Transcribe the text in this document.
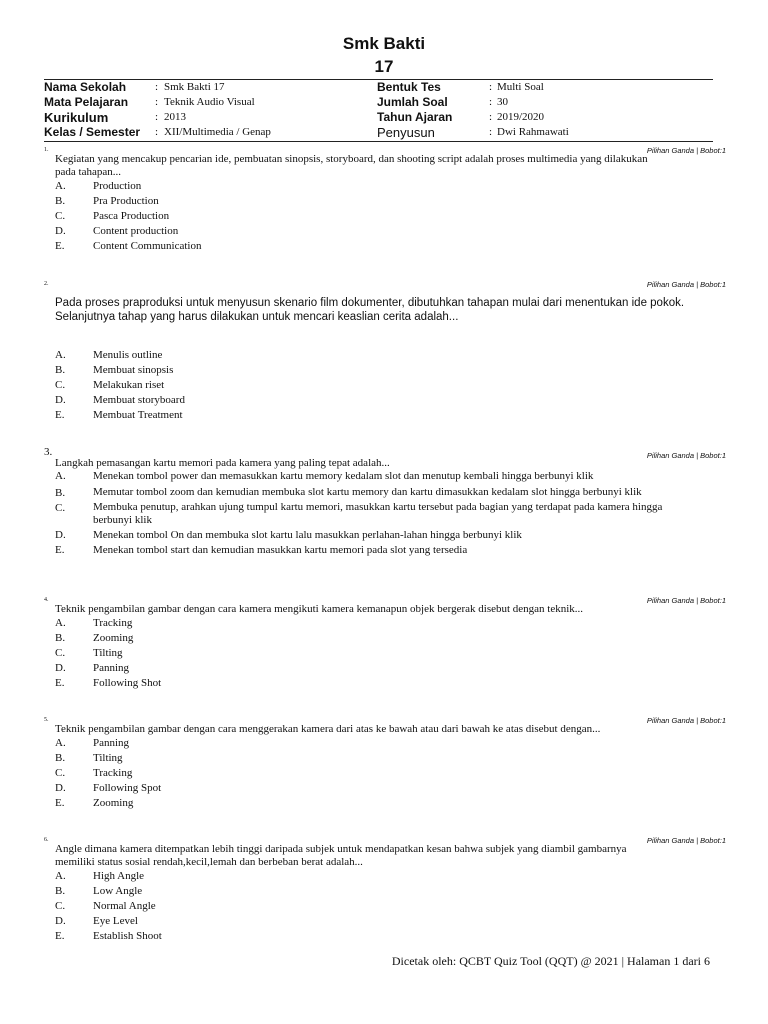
Smk Bakti
17
Nama Sekolah	: Smk Bakti 17	Bentuk Tes	: Multi Soal
Mata Pelajaran : Teknik Audio Visual	Jumlah Soal	: 30
Kurikulum	: 2013	Tahun Ajaran	: 2019/2020
Kelas / Semester : XII/Multimedia / Genap	Penyusun	: Dwi Rahmawati
1.	Pilihan Ganda | Bobot:1
Kegiatan yang mencakup pencarian ide, pembuatan sinopsis, storyboard, dan shooting script adalah proses multimedia yang dilakukan pada tahapan...
A.	Production
B.	Pra Production
C.	Pasca Production
D.	Content production
E.	Content Communication
2.	Pilihan Ganda | Bobot:1
Pada proses praproduksi untuk menyusun skenario film dokumenter, dibutuhkan tahapan mulai dari menentukan ide pokok. Selanjutnya tahap yang harus dilakukan untuk mencari keaslian cerita adalah...
A.	Menulis outline
B.	Membuat sinopsis
C.	Melakukan riset
D.	Membuat storyboard
E.	Membuat Treatment
3.	Pilihan Ganda | Bobot:1
Langkah pemasangan kartu memori pada kamera yang paling tepat adalah...
A.	Menekan tombol power dan memasukkan kartu memory kedalam slot dan menutup kembali hingga berbunyi klik
B.	Memutar tombol zoom dan kemudian membuka slot kartu memory dan kartu dimasukkan kedalam slot hingga berbunyi klik
C.	Membuka penutup, arahkan ujung tumpul kartu memori, masukkan kartu tersebut pada bagian yang terdapat pada kamera hingga berbunyi klik
D.	Menekan tombol On dan membuka slot kartu lalu masukkan perlahan-lahan hingga berbunyi klik
E.	Menekan tombol start dan kemudian masukkan kartu memori pada slot yang tersedia
4.	Pilihan Ganda | Bobot:1
Teknik pengambilan gambar dengan cara kamera mengikuti kamera kemanapun objek bergerak disebut dengan teknik...
A.	Tracking
B.	Zooming
C.	Tilting
D.	Panning
E.	Following Shot
5.	Pilihan Ganda | Bobot:1
Teknik pengambilan gambar dengan cara menggerakan kamera dari atas ke bawah atau dari bawah ke atas disebut dengan...
A.	Panning
B.	Tilting
C.	Tracking
D.	Following Spot
E.	Zooming
6.	Pilihan Ganda | Bobot:1
Angle dimana kamera ditempatkan lebih tinggi daripada subjek untuk mendapatkan kesan bahwa subjek yang diambil gambarnya memiliki status sosial rendah,kecil,lemah dan berbeban berat adalah...
A.	High Angle
B.	Low Angle
C.	Normal Angle
D.	Eye Level
E.	Establish Shoot
Dicetak oleh: QCBT Quiz Tool (QQT) @ 2021 | Halaman 1 dari 6
